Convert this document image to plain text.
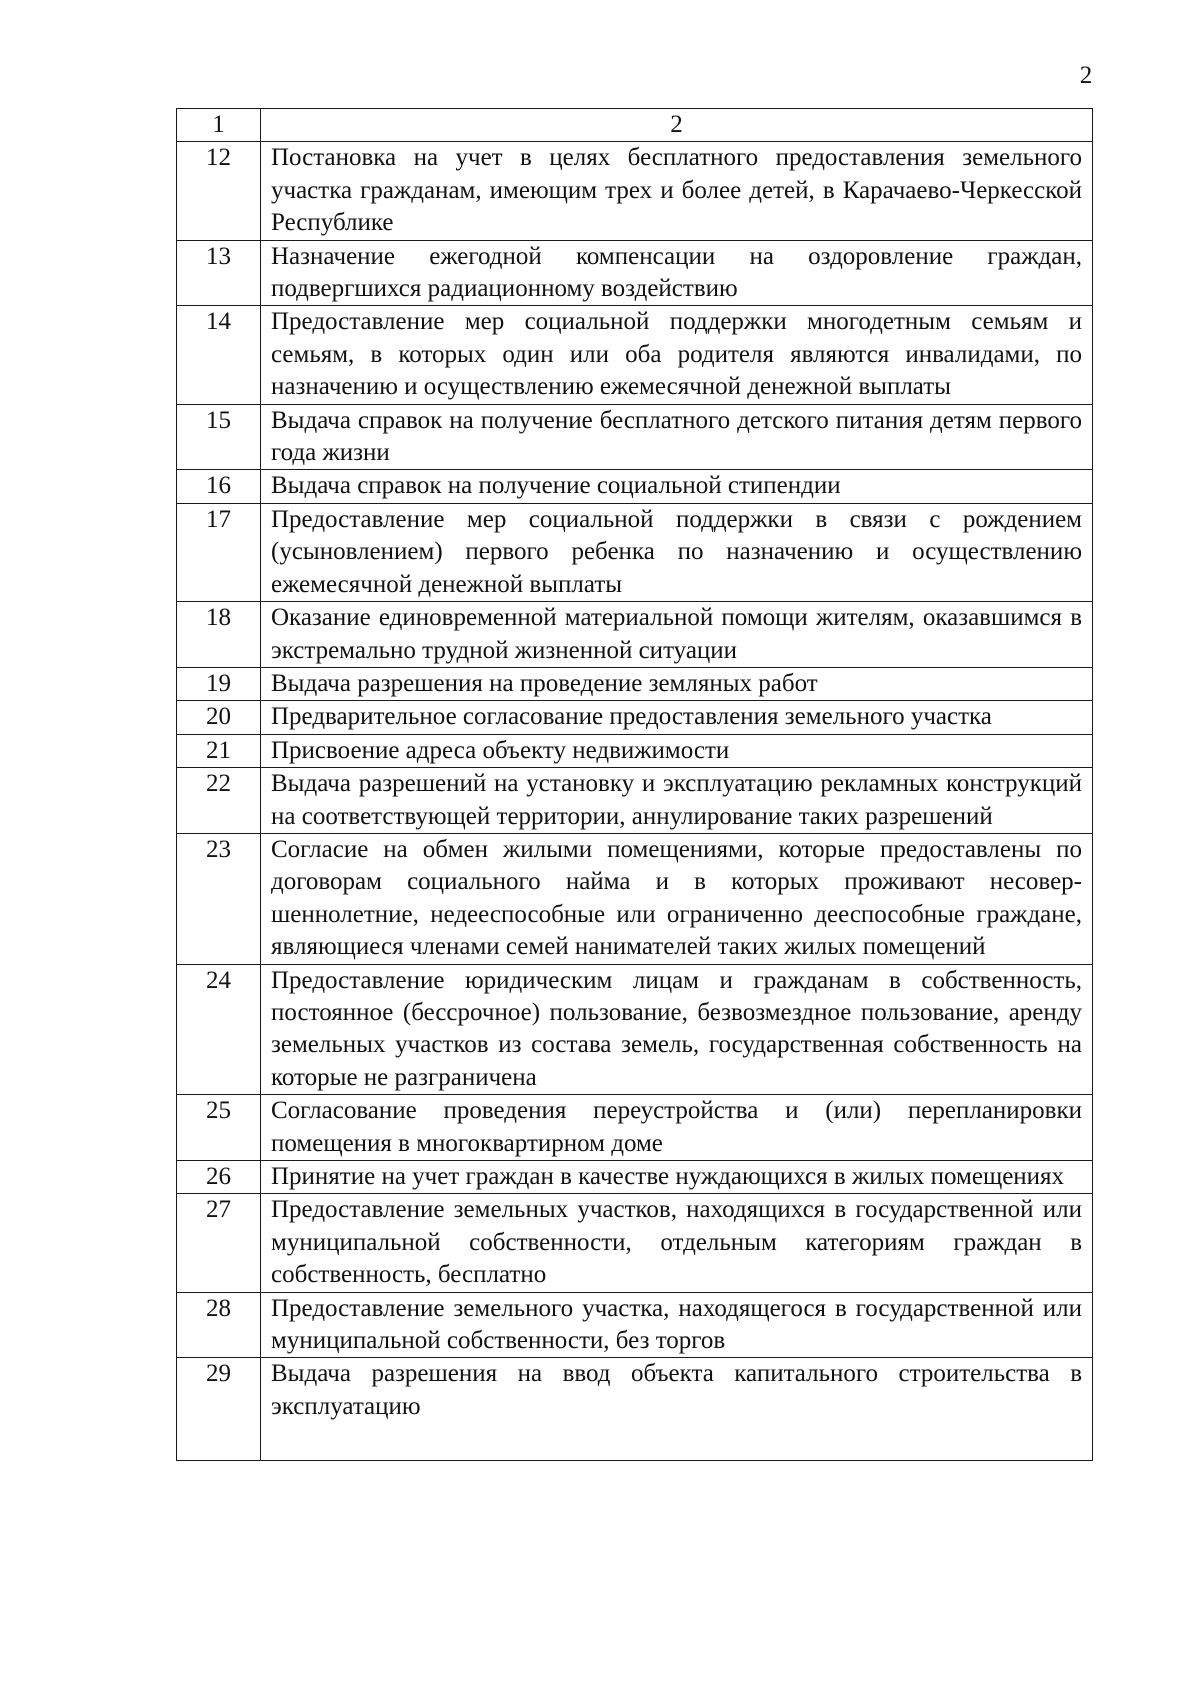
2
1	2
12	Постановка на учет в целях бесплатного предоставления земельного участка гражданам, имеющим трех и более детей, в Карачаево-Черкесской Республике
13	Назначение ежегодной компенсации на оздоровление граждан, подвергшихся радиационному воздействию
14	Предоставление мер социальной поддержки многодетным семьям и семьям, в которых один или оба родителя являются инвалидами, по назначению и осуществлению ежемесячной денежной выплаты
15	Выдача справок на получение бесплатного детского питания детям первого года жизни
16	Выдача справок на получение социальной стипендии
17	Предоставление мер социальной поддержки в связи с рождением (усыновлением) первого ребенка по назначению и осуществлению ежемесячной денежной выплаты
18	Оказание единовременной материальной помощи жителям, оказавшимся в экстремально трудной жизненной ситуации
19	Выдача разрешения на проведение земляных работ
20	Предварительное согласование предоставления земельного участка
21	Присвоение адреса объекту недвижимости
22	Выдача разрешений на установку и эксплуатацию рекламных конструкций на соответствующей территории, аннулирование таких разрешений
23	Согласие на обмен жилыми помещениями, которые предоставлены по договорам социального найма и в которых проживают несовершеннолетние, недееспособные или ограниченно дееспособные граждане, являющиеся членами семей нанимателей таких жилых помещений
24	Предоставление юридическим лицам и гражданам в собственность, постоянное (бессрочное) пользование, безвозмездное пользование, аренду земельных участков из состава земель, государственная собственность на которые не разграничена
25	Согласование проведения переустройства и (или) перепланировки помещения в многоквартирном доме
26	Принятие на учет граждан в качестве нуждающихся в жилых помещениях
27	Предоставление земельных участков, находящихся в государственной или муниципальной собственности, отдельным категориям граждан в собственность, бесплатно
28	Предоставление земельного участка, находящегося в государственной или муниципальной собственности, без торгов
29	Выдача разрешения на ввод объекта капитального строительства в эксплуатацию
